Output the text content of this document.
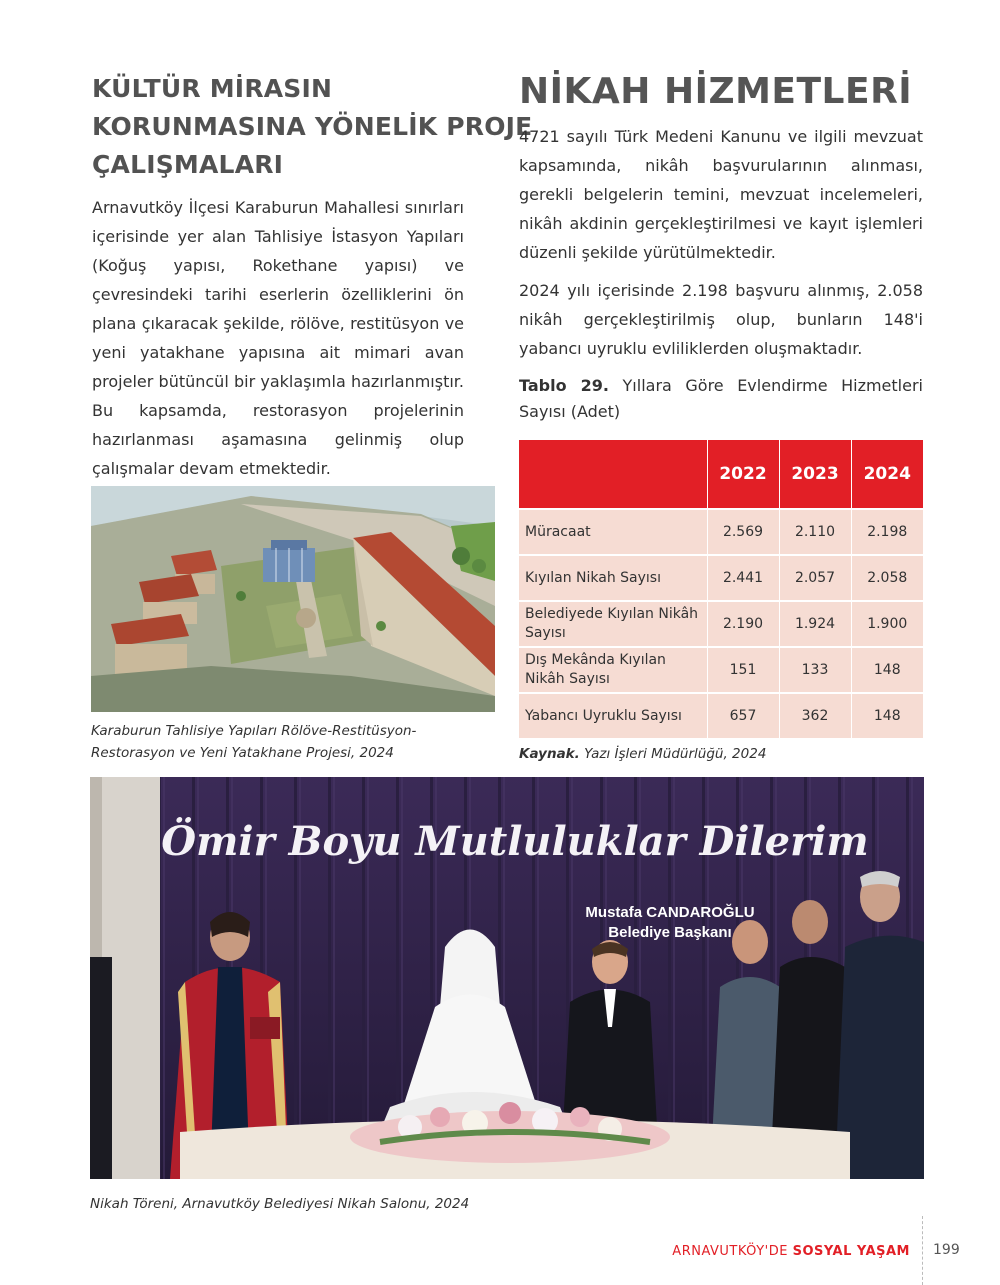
KÜLTÜR MİRASIN
KORUNMASINA YÖNELİK PROJE
ÇALIŞMALARI

Arnavutköy İlçesi Karaburun Mahallesi sınırları içerisinde yer alan Tahlisiye İstasyon Yapıları (Koğuş yapısı, Rokethane yapısı) ve çevresindeki tarihi eserlerin özelliklerini ön plana çıkaracak şekilde, rölöve, restitüsyon ve yeni yatakhane yapısına ait mimari avan projeler bütüncül bir yaklaşımla hazırlanmıştır. Bu kapsamda, restorasyon projelerinin hazırlanması aşamasına gelinmiş olup çalışmalar devam etmektedir.

Karaburun Tahlisiye Yapıları Rölöve-Restitüsyon-
Restorasyon ve Yeni Yatakhane Projesi, 2024

NİKAH HİZMETLERİ

4721 sayılı Türk Medeni Kanunu ve ilgili mevzuat kapsamında, nikâh başvurularının alınması, gerekli belgelerin temini, mevzuat incelemeleri, nikâh akdinin gerçekleştirilmesi ve kayıt işlemleri düzenli şekilde yürütülmektedir.

2024 yılı içerisinde 2.198 başvuru alınmış, 2.058 nikâh gerçekleştirilmiş olup, bunların 148'i yabancı uyruklu evliliklerden oluşmaktadır.

Tablo 29. Yıllara Göre Evlendirme Hizmetleri Sayısı (Adet)

	2022	2023	2024
Müracaat	2.569	2.110	2.198
Kıyılan Nikah Sayısı	2.441	2.057	2.058
Belediyede Kıyılan Nikâh Sayısı	2.190	1.924	1.900
Dış Mekânda Kıyılan Nikâh Sayısı	151	133	148
Yabancı Uyruklu Sayısı	657	362	148

Kaynak. Yazı İşleri Müdürlüğü, 2024

Ömir Boyu Mutluluklar Dilerim
Mustafa CANDAROĞLU
Belediye Başkanı

Nikah Töreni, Arnavutköy Belediyesi Nikah Salonu, 2024

ARNAVUTKÖY'DE SOSYAL YAŞAM 199
